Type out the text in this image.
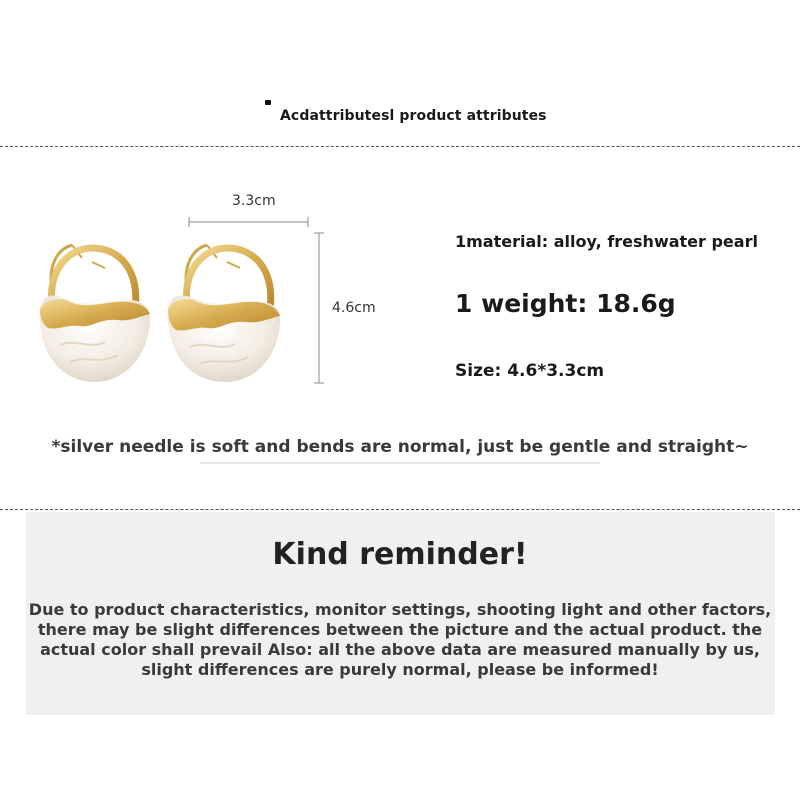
Acdattributesl product attributes
3.3cm
4.6cm
1material: alloy, freshwater pearl
1 weight: 18.6g
Size: 4.6*3.3cm
*silver needle is soft and bends are normal, just be gentle and straight~
Kind reminder!
Due to product characteristics, monitor settings, shooting light and other factors,
there may be slight differences between the picture and the actual product. the
actual color shall prevail Also: all the above data are measured manually by us,
slight differences are purely normal, please be informed!
